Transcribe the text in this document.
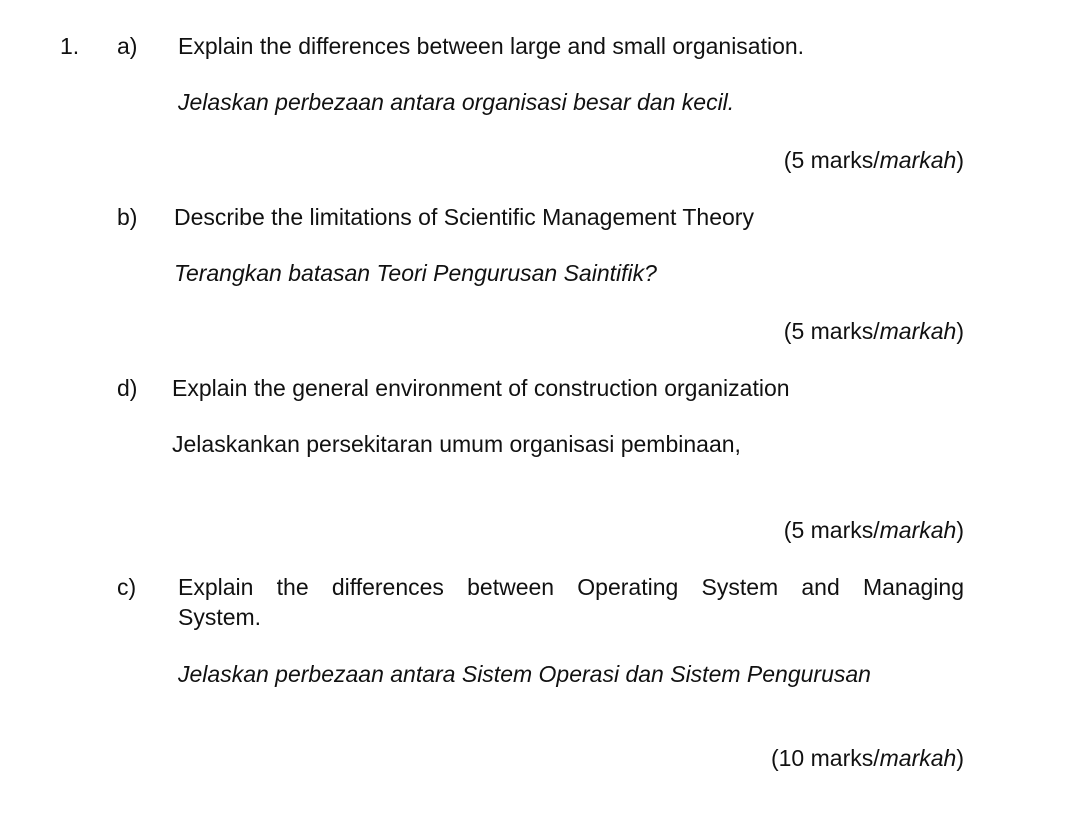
1. a) Explain the differences between large and small organisation.
Jelaskan perbezaan antara organisasi besar dan kecil.
(5 marks/markah)
b) Describe the limitations of Scientific Management Theory
Terangkan batasan Teori Pengurusan Saintifik?
(5 marks/markah)
d) Explain the general environment of construction organization
Jelaskankan persekitaran umum organisasi pembinaan,
(5 marks/markah)
c) Explain the differences between Operating System and Managing
System.
Jelaskan perbezaan antara Sistem Operasi dan Sistem Pengurusan
(10 marks/markah)
